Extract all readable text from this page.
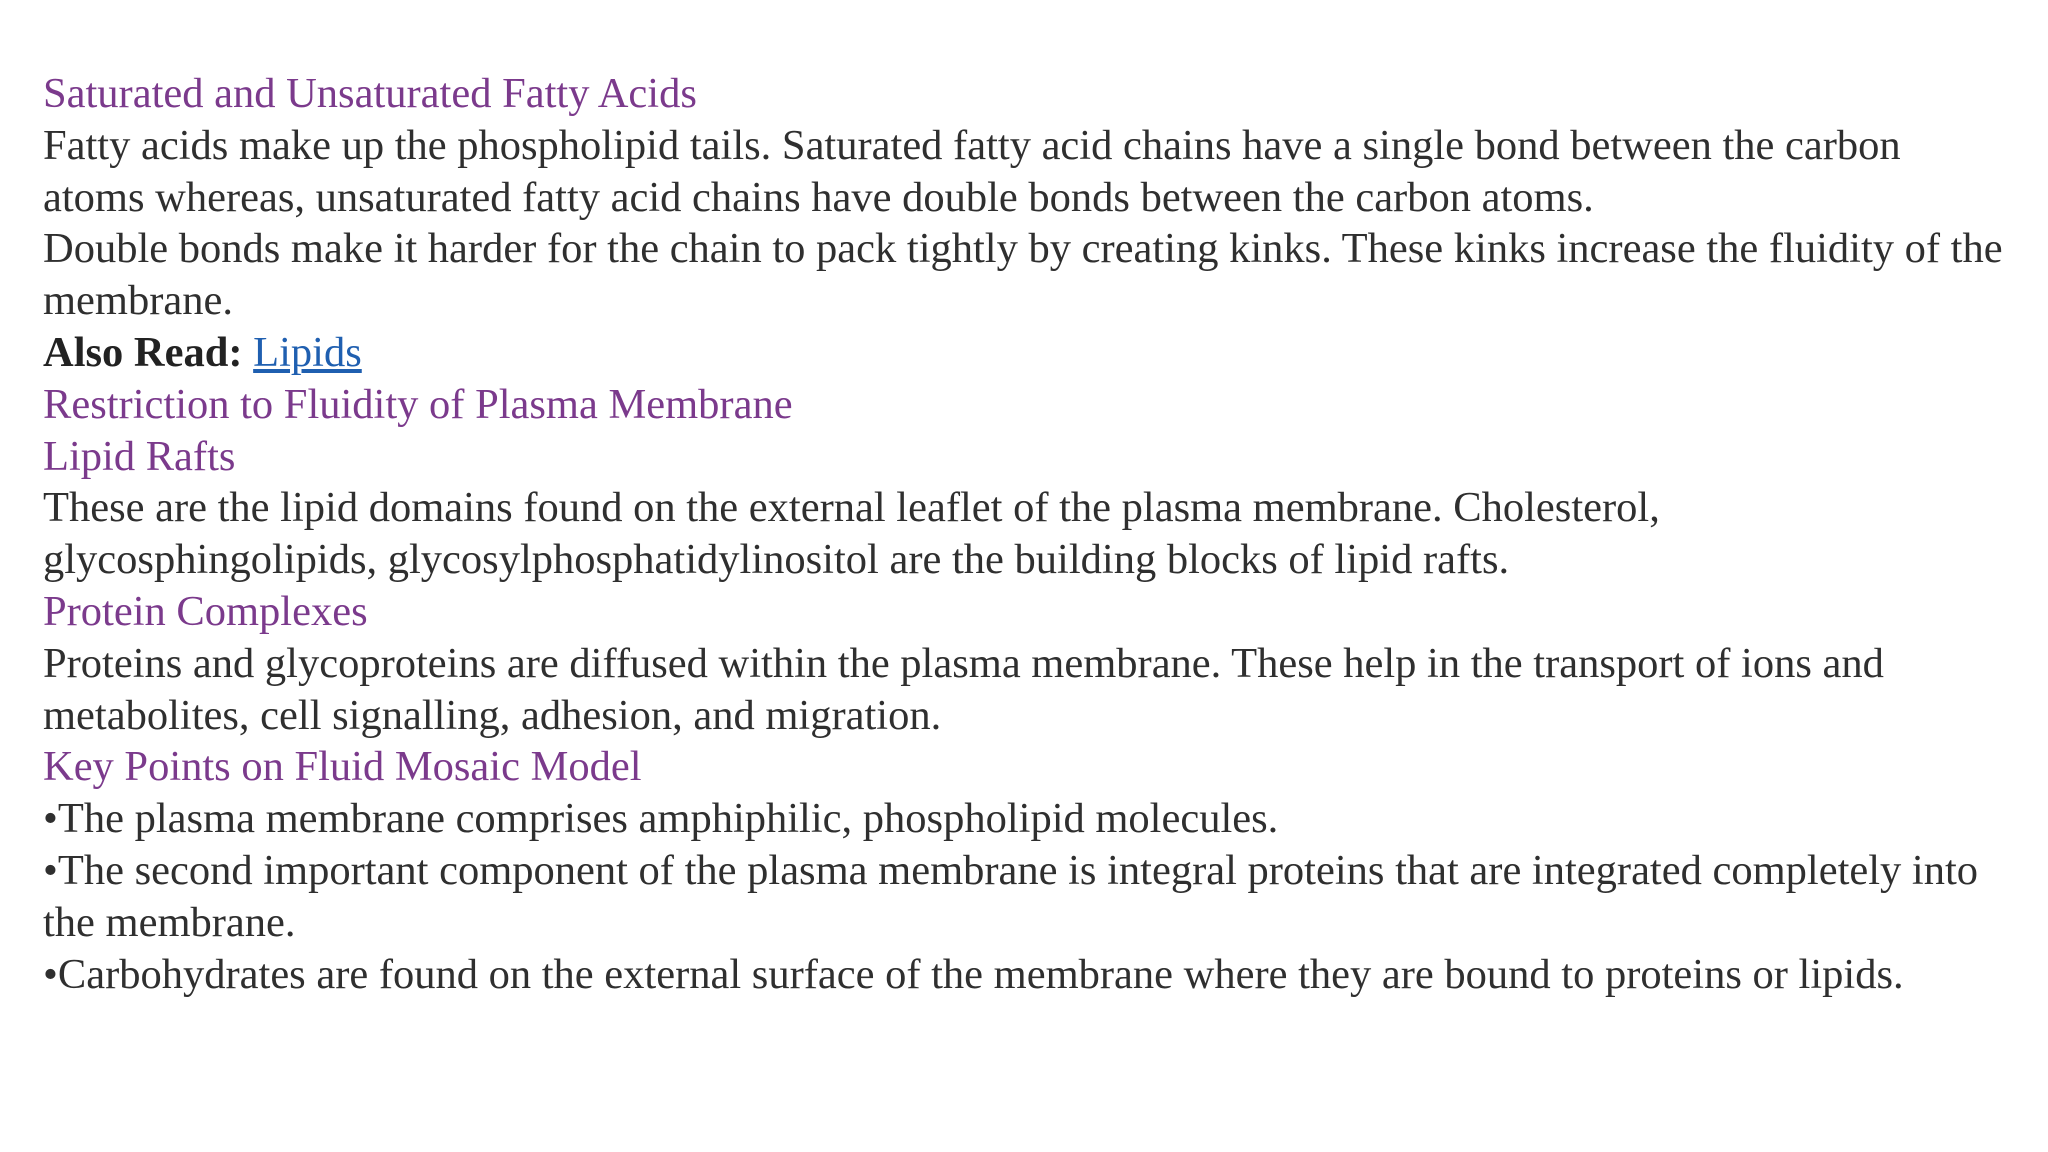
Saturated and Unsaturated Fatty Acids

Fatty acids make up the phospholipid tails. Saturated fatty acid chains have a single bond between the carbon atoms whereas, unsaturated fatty acid chains have double bonds between the carbon atoms.

Double bonds make it harder for the chain to pack tightly by creating kinks. These kinks increase the fluidity of the membrane.

Also Read: Lipids

Restriction to Fluidity of Plasma Membrane
Lipid Rafts

These are the lipid domains found on the external leaflet of the plasma membrane. Cholesterol, glycosphingolipids, glycosylphosphatidylinositol are the building blocks of lipid rafts.

Protein Complexes

Proteins and glycoproteins are diffused within the plasma membrane. These help in the transport of ions and metabolites, cell signalling, adhesion, and migration.

Key Points on Fluid Mosaic Model

•The plasma membrane comprises amphiphilic, phospholipid molecules.

•The second important component of the plasma membrane is integral proteins that are integrated completely into the membrane.

•Carbohydrates are found on the external surface of the membrane where they are bound to proteins or lipids.
